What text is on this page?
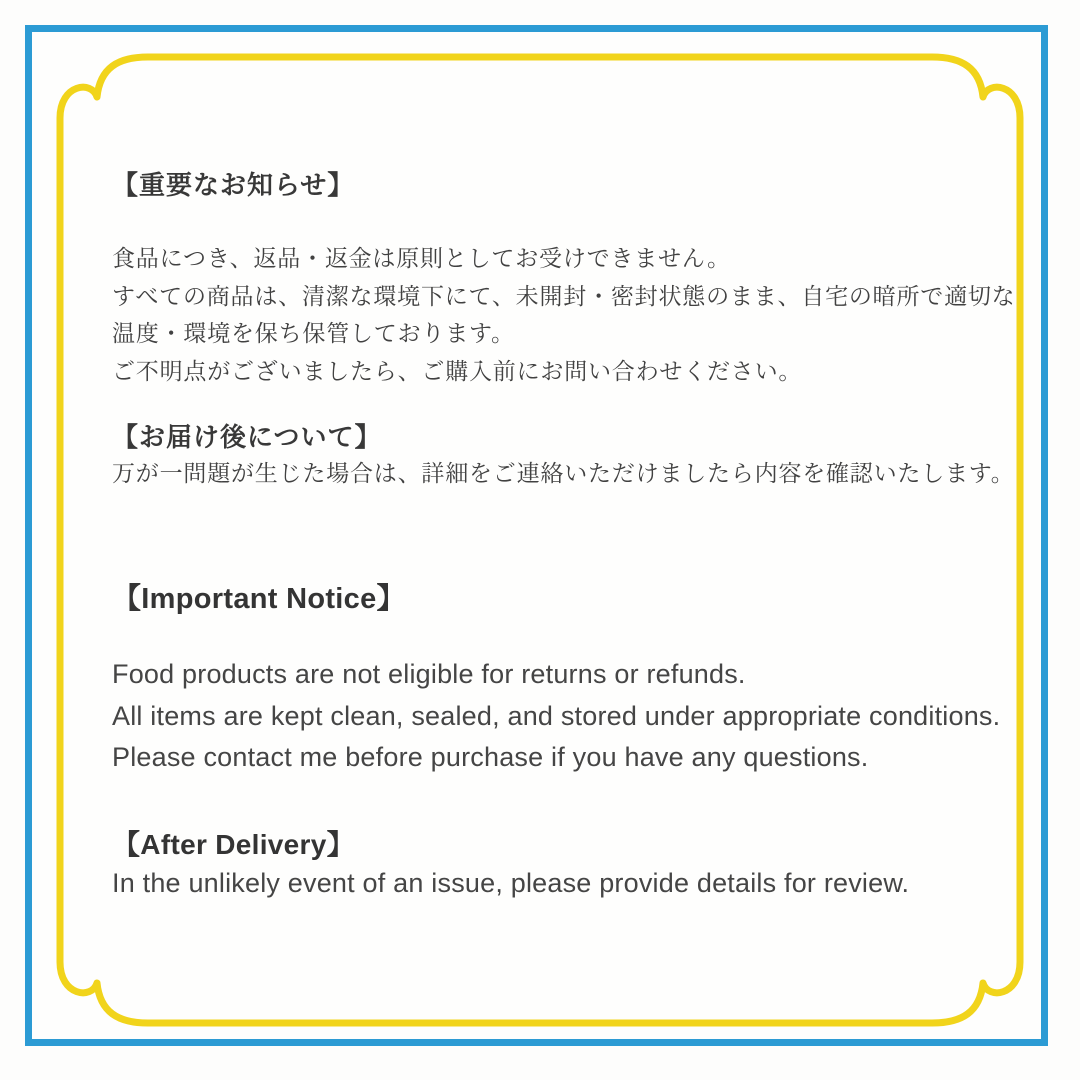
【重要なお知らせ】
食品につき、返品・返金は原則としてお受けできません。
すべての商品は、清潔な環境下にて、未開封・密封状態のまま、自宅の暗所で適切な
温度・環境を保ち保管しております。
ご不明点がございましたら、ご購入前にお問い合わせください。
【お届け後について】
万が一問題が生じた場合は、詳細をご連絡いただけましたら内容を確認いたします。
【Important Notice】
Food products are not eligible for returns or refunds.
All items are kept clean, sealed, and stored under appropriate conditions.
Please contact me before purchase if you have any questions.
【After Delivery】
In the unlikely event of an issue, please provide details for review.
